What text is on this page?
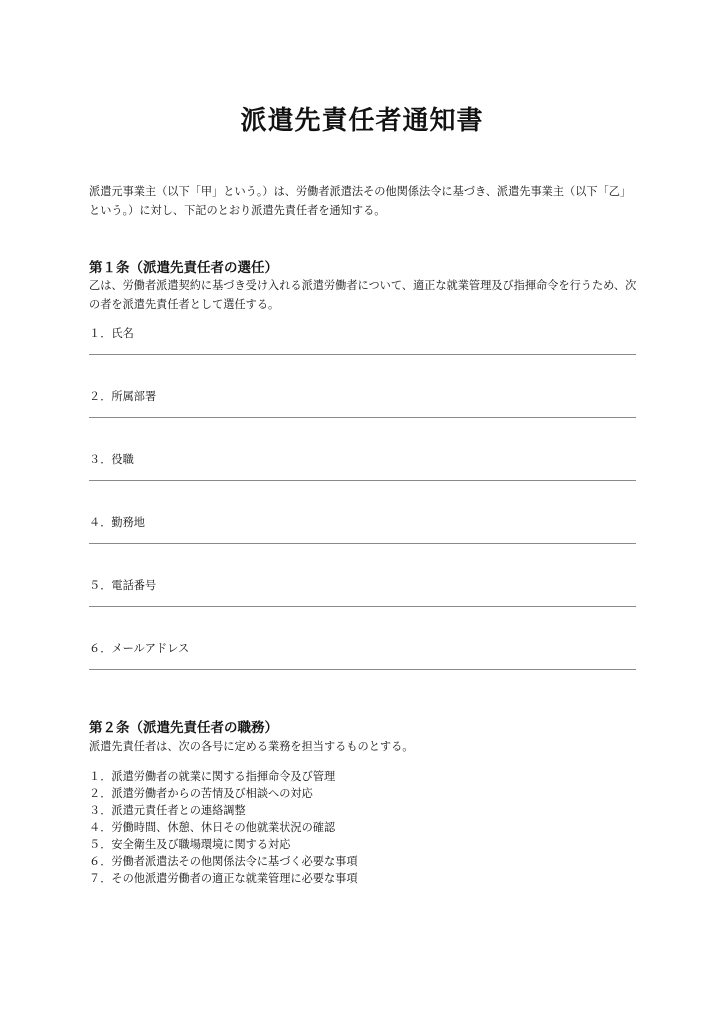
派遣先責任者通知書

派遣元事業主（以下「甲」という。）は、労働者派遣法その他関係法令に基づき、派遣先事業主（以下「乙」という。）に対し、下記のとおり派遣先責任者を通知する。

第１条（派遣先責任者の選任）

乙は、労働者派遣契約に基づき受け入れる派遣労働者について、適正な就業管理及び指揮命令を行うため、次の者を派遣先責任者として選任する。

１．氏名
２．所属部署
３．役職
４．勤務地
５．電話番号
６．メールアドレス
第２条（派遣先責任者の職務）

派遣先責任者は、次の各号に定める業務を担当するものとする。

１．派遣労働者の就業に関する指揮命令及び管理
２．派遣労働者からの苦情及び相談への対応
３．派遣元責任者との連絡調整
４．労働時間、休憩、休日その他就業状況の確認
５．安全衛生及び職場環境に関する対応
６．労働者派遣法その他関係法令に基づく必要な事項
７．その他派遣労働者の適正な就業管理に必要な事項
